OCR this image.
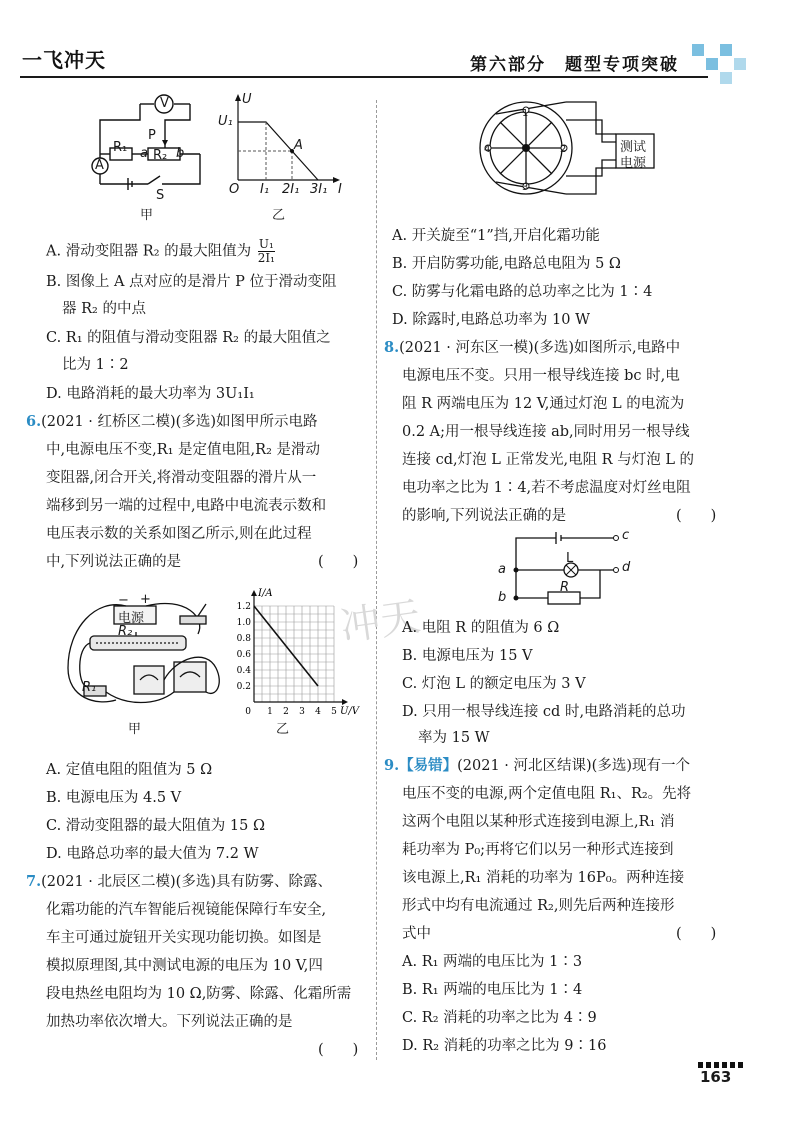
一飞冲天	第六部分　题型专项突破
冲天
V
A
P
R₁
R₂
a b
S
甲
U
U₁
O I₁ 2I₁ 3I₁ I
A
乙
A. 滑动变阻器 R₂ 的最大阻值为 $\frac{\text{U₁}}{\text{2I₁}}$
B. 图像上 A 点对应的是滑片 P 位于滑动变阻
器 R₂ 的中点
C. R₁ 的阻值与滑动变阻器 R₂ 的最大阻值之
比为 1∶2
D. 电路消耗的最大功率为 3U₁I₁
6.(2021 · 红桥区二模)(多选)如图甲所示电路
中,电源电压不变,R₁ 是定值电阻,R₂ 是滑动
变阻器,闭合开关,将滑动变阻器的滑片从一
端移到另一端的过程中,电路中电流表示数和
电压表示数的关系如图乙所示,则在此过程
中,下列说法正确的是	(　　)
− +
电源
R₂
R₁
甲
1 2 3 4 5
0.2
0.4
0.6
0.8
1.0
1.2
0
I/A
U/V
乙
A. 定值电阻的阻值为 5 Ω
B. 电源电压为 4.5 V
C. 滑动变阻器的最大阻值为 15 Ω
D. 电路总功率的最大值为 7.2 W
7.(2021 · 北辰区二模)(多选)具有防雾、除露、
化霜功能的汽车智能后视镜能保障行车安全,
车主可通过旋钮开关实现功能切换。如图是
模拟原理图,其中测试电源的电压为 10 V,四
段电热丝电阻均为 10 Ω,防雾、除露、化霜所需
加热功率依次增大。下列说法正确的是
(　　)
测试
电源
1
2
3
4
A. 开关旋至“1”挡,开启化霜功能
B. 开启防雾功能,电路总电阻为 5 Ω
C. 防雾与化霜电路的总功率之比为 1∶4
D. 除露时,电路总功率为 10 W
8.(2021 · 河东区一模)(多选)如图所示,电路中
电源电压不变。只用一根导线连接 bc 时,电
阻 R 两端电压为 12 V,通过灯泡 L 的电流为
0.2 A;用一根导线连接 ab,同时用另一根导线
连接 cd,灯泡 L 正常发光,电阻 R 与灯泡 L 的
电功率之比为 1∶4,若不考虑温度对灯丝电阻
的影响,下列说法正确的是	(　　)
a
b
c
d
L
R
A. 电阻 R 的阻值为 6 Ω
B. 电源电压为 15 V
C. 灯泡 L 的额定电压为 3 V
D. 只用一根导线连接 cd 时,电路消耗的总功
率为 15 W
9.【易错】(2021 · 河北区结课)(多选)现有一个
电压不变的电源,两个定值电阻 R₁、R₂。先将
这两个电阻以某种形式连接到电源上,R₁ 消
耗功率为 P₀;再将它们以另一种形式连接到
该电源上,R₁ 消耗的功率为 16P₀。两种连接
形式中均有电流通过 R₂,则先后两种连接形
式中	(　　)
A. R₁ 两端的电压比为 1∶3
B. R₁ 两端的电压比为 1∶4
C. R₂ 消耗的功率之比为 4∶9
D. R₂ 消耗的功率之比为 9∶16
163
